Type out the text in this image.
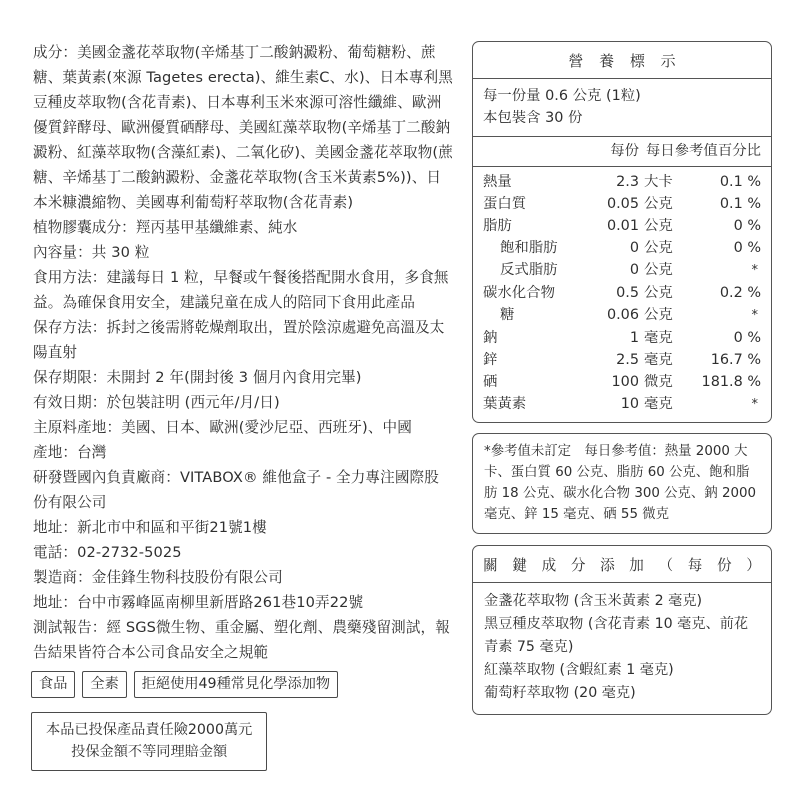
成分：美國金盞花萃取物(辛烯基丁二酸鈉澱粉、葡萄糖粉、蔗糖、葉黃素(來源 Tagetes erecta)、維生素C、水)、日本專利黑豆種皮萃取物(含花青素)、日本專利玉米來源可溶性纖維、歐洲優質鋅酵母、歐洲優質硒酵母、美國紅藻萃取物(辛烯基丁二酸鈉澱粉、紅藻萃取物(含藻紅素)、二氧化矽)、美國金盞花萃取物(蔗糖、辛烯基丁二酸鈉澱粉、金盞花萃取物(含玉米黃素5%))、日本米糠濃縮物、美國專利葡萄籽萃取物(含花青素)

植物膠囊成分：羥丙基甲基纖維素、純水

內容量：共 30 粒

食用方法：建議每日 1 粒，早餐或午餐後搭配開水食用，多食無益。為確保食用安全，建議兒童在成人的陪同下食用此產品

保存方法：拆封之後需將乾燥劑取出，置於陰涼處避免高溫及太陽直射

保存期限：未開封 2 年(開封後 3 個月內食用完畢)

有效日期：於包裝註明 (西元年/月/日)

主原料產地：美國、日本、歐洲(愛沙尼亞、西班牙)、中國

產地：台灣

研發暨國內負責廠商：VITABOX® 維他盒子 - 全力專注國際股份有限公司

地址：新北市中和區和平街21號1樓

電話：02-2732-5025

製造商：金佳鋒生物科技股份有限公司

地址：台中市霧峰區南柳里新厝路261巷10弄22號

測試報告：經 SGS微生物、重金屬、塑化劑、農藥殘留測試，報告結果皆符合本公司食品安全之規範

食品	全素	拒絕使用49種常見化學添加物
本品已投保產品責任險2000萬元
投保金額不等同理賠金額
營 養 標 示
每一份量 0.6 公克 (1粒)
本包裝含 30 份
每份 每日參考值百分比
熱量	2.3 大卡	0.1 %
蛋白質	0.05 公克	0.1 %
脂肪	0.01 公克	0 %
飽和脂肪	0 公克	0 %
反式脂肪	0 公克	*
碳水化合物	0.5 公克	0.2 %
糖	0.06 公克	*
鈉	1 毫克	0 %
鋅	2.5 毫克	16.7 %
硒	100 微克	181.8 %
葉黃素	10 毫克	*
*參考值未訂定　每日參考值：熱量 2000 大卡、蛋白質 60 公克、脂肪 60 公克、飽和脂肪 18 公克、碳水化合物 300 公克、鈉 2000 毫克、鋅 15 毫克、硒 55 微克
關 鍵 成 分 添 加 （ 每 份 ）

金盞花萃取物 (含玉米黃素 2 毫克)

黑豆種皮萃取物 (含花青素 10 毫克、前花青素 75 毫克)

紅藻萃取物 (含蝦紅素 1 毫克)

葡萄籽萃取物 (20 毫克)
